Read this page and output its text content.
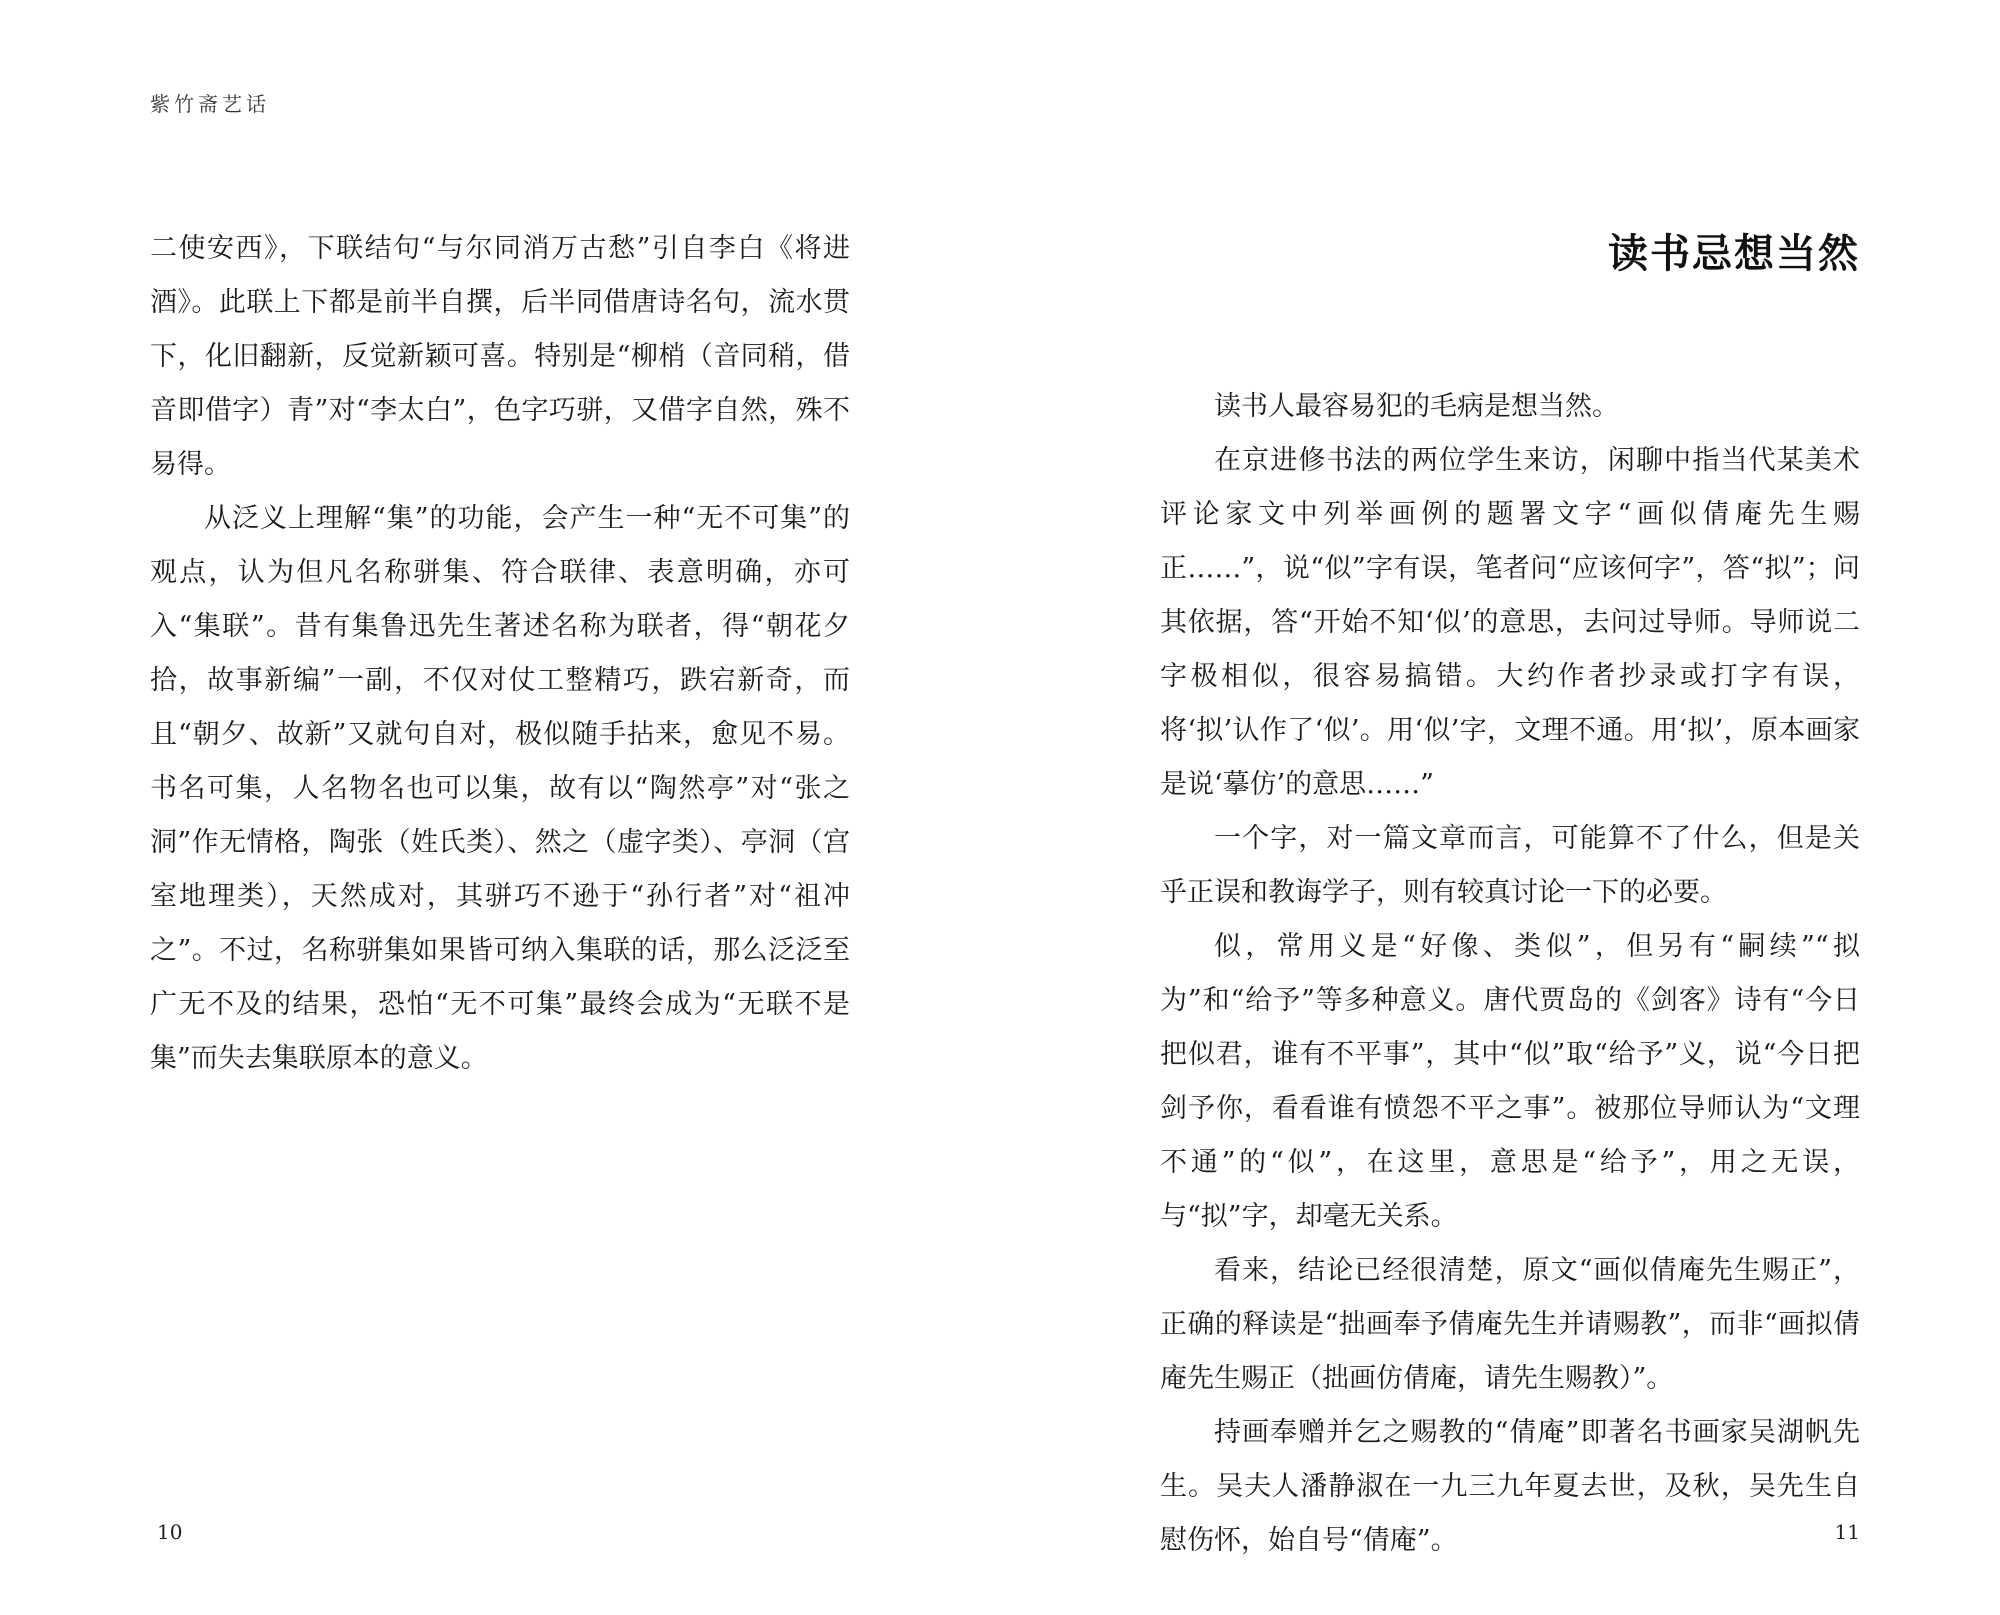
紫竹斋艺话

二使安西》，下联结句“与尔同消万古愁”引自李白《将进酒》。此联上下都是前半自撰，后半同借唐诗名句，流水贯下，化旧翻新，反觉新颖可喜。特别是“柳梢（音同稍，借音即借字）青”对“李太白”，色字巧骈，又借字自然，殊不易得。

从泛义上理解“集”的功能，会产生一种“无不可集”的观点，认为但凡名称骈集、符合联律、表意明确，亦可入“集联”。昔有集鲁迅先生著述名称为联者，得“朝花夕拾，故事新编”一副，不仅对仗工整精巧，跌宕新奇，而且“朝夕、故新”又就句自对，极似随手拈来，愈见不易。书名可集，人名物名也可以集，故有以“陶然亭”对“张之洞”作无情格，陶张（姓氏类）、然之（虚字类）、亭洞（宫室地理类），天然成对，其骈巧不逊于“孙行者”对“祖冲之”。不过，名称骈集如果皆可纳入集联的话，那么泛泛至广无不及的结果，恐怕“无不可集”最终会成为“无联不是集”而失去集联原本的意义。

10
读书忌想当然

读书人最容易犯的毛病是想当然。

在京进修书法的两位学生来访，闲聊中指当代某美术评论家文中列举画例的题署文字“画似倩庵先生赐正……”，说“似”字有误，笔者问“应该何字”，答“拟”；问其依据，答“开始不知‘似’的意思，去问过导师。导师说二字极相似，很容易搞错。大约作者抄录或打字有误，将‘拟’认作了‘似’。用‘似’字，文理不通。用‘拟’，原本画家是说‘摹仿’的意思……”

一个字，对一篇文章而言，可能算不了什么，但是关乎正误和教诲学子，则有较真讨论一下的必要。

似，常用义是“好像、类似”，但另有“嗣续”“拟为”和“给予”等多种意义。唐代贾岛的《剑客》诗有“今日把似君，谁有不平事”，其中“似”取“给予”义，说“今日把剑予你，看看谁有愤怨不平之事”。被那位导师认为“文理不通”的“似”，在这里，意思是“给予”，用之无误，与“拟”字，却毫无关系。

看来，结论已经很清楚，原文“画似倩庵先生赐正”，正确的释读是“拙画奉予倩庵先生并请赐教”，而非“画拟倩庵先生赐正（拙画仿倩庵，请先生赐教）”。

持画奉赠并乞之赐教的“倩庵”即著名书画家吴湖帆先生。吴夫人潘静淑在一九三九年夏去世，及秋，吴先生自慰伤怀，始自号“倩庵”。	11
